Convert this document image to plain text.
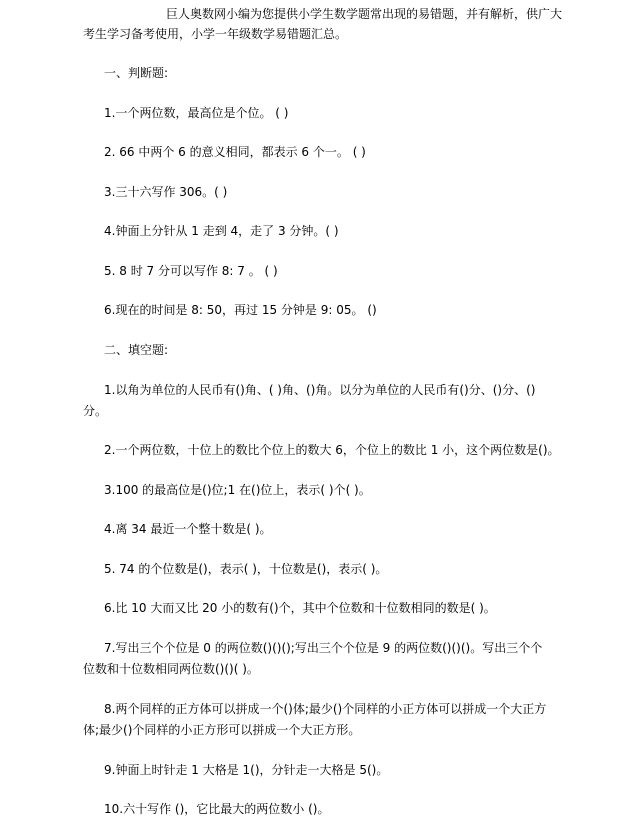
巨人奥数网小编为您提供小学生数学题常出现的易错题，并有解析，供广大
考生学习备考使用，小学一年级数学易错题汇总。
一、判断题:
1.一个两位数，最高位是个位。 ( )
2. 66 中两个 6 的意义相同，都表示 6 个一。 ( )
3.三十六写作 306。( )
4.钟面上分针从 1 走到 4，走了 3 分钟。( )
5. 8 时 7 分可以写作 8: 7 。 ( )
6.现在的时间是 8: 50，再过 15 分钟是 9: 05。 ()
二、填空题:
1.以角为单位的人民币有()角、( )角、()角。以分为单位的人民币有()分、()分、()
分。
2.一个两位数，十位上的数比个位上的数大 6，个位上的数比 1 小，这个两位数是()。
3.100 的最高位是()位;1 在()位上，表示( )个( )。
4.离 34 最近一个整十数是( )。
5. 74 的个位数是()，表示( )，十位数是()，表示( )。
6.比 10 大而又比 20 小的数有()个，其中个位数和十位数相同的数是( )。
7.写出三个个位是 0 的两位数()()();写出三个个位是 9 的两位数()()()。写出三个个
位数和十位数相同两位数()()( )。
8.两个同样的正方体可以拼成一个()体;最少()个同样的小正方体可以拼成一个大正方
体;最少()个同样的小正方形可以拼成一个大正方形。
9.钟面上时针走 1 大格是 1()，分针走一大格是 5()。
10.六十写作 ()，它比最大的两位数小 ()。
